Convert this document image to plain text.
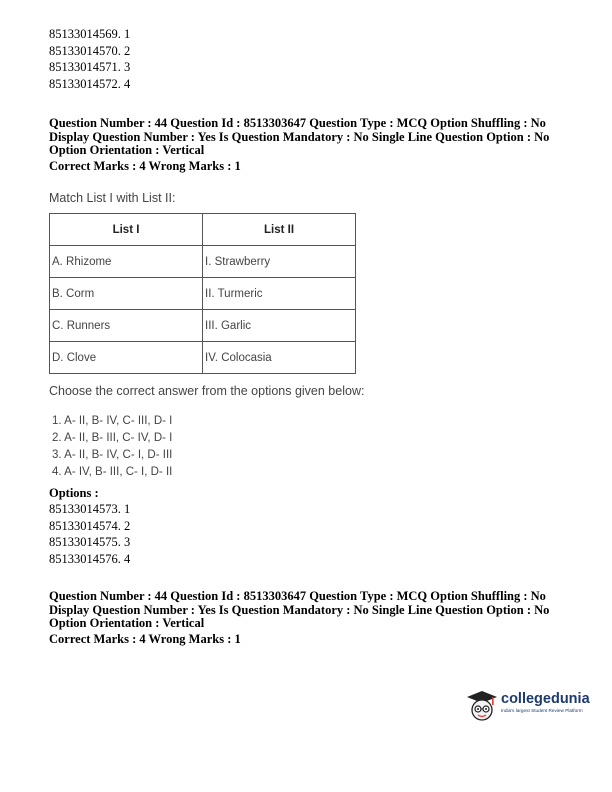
85133014569. 1
85133014570. 2
85133014571. 3
85133014572. 4
Question Number : 44 Question Id : 8513303647 Question Type : MCQ Option Shuffling : No Display Question Number : Yes Is Question Mandatory : No Single Line Question Option : No Option Orientation : Vertical
Correct Marks : 4 Wrong Marks : 1
Match List I with List II:
List I	List II
A. Rhizome	I. Strawberry
B. Corm	II. Turmeric
C. Runners	III. Garlic
D. Clove	IV. Colocasia
Choose the correct answer from the options given below:
1. A- II, B- IV, C- III, D- I
2. A- II, B- III, C- IV, D- I
3. A- II, B- IV, C- I, D- III
4. A- IV, B- III, C- I, D- II
Options :
85133014573. 1
85133014574. 2
85133014575. 3
85133014576. 4
Question Number : 44 Question Id : 8513303647 Question Type : MCQ Option Shuffling : No Display Question Number : Yes Is Question Mandatory : No Single Line Question Option : No Option Orientation : Vertical
Correct Marks : 4 Wrong Marks : 1
collegedunia
India's largest Student Review Platform
